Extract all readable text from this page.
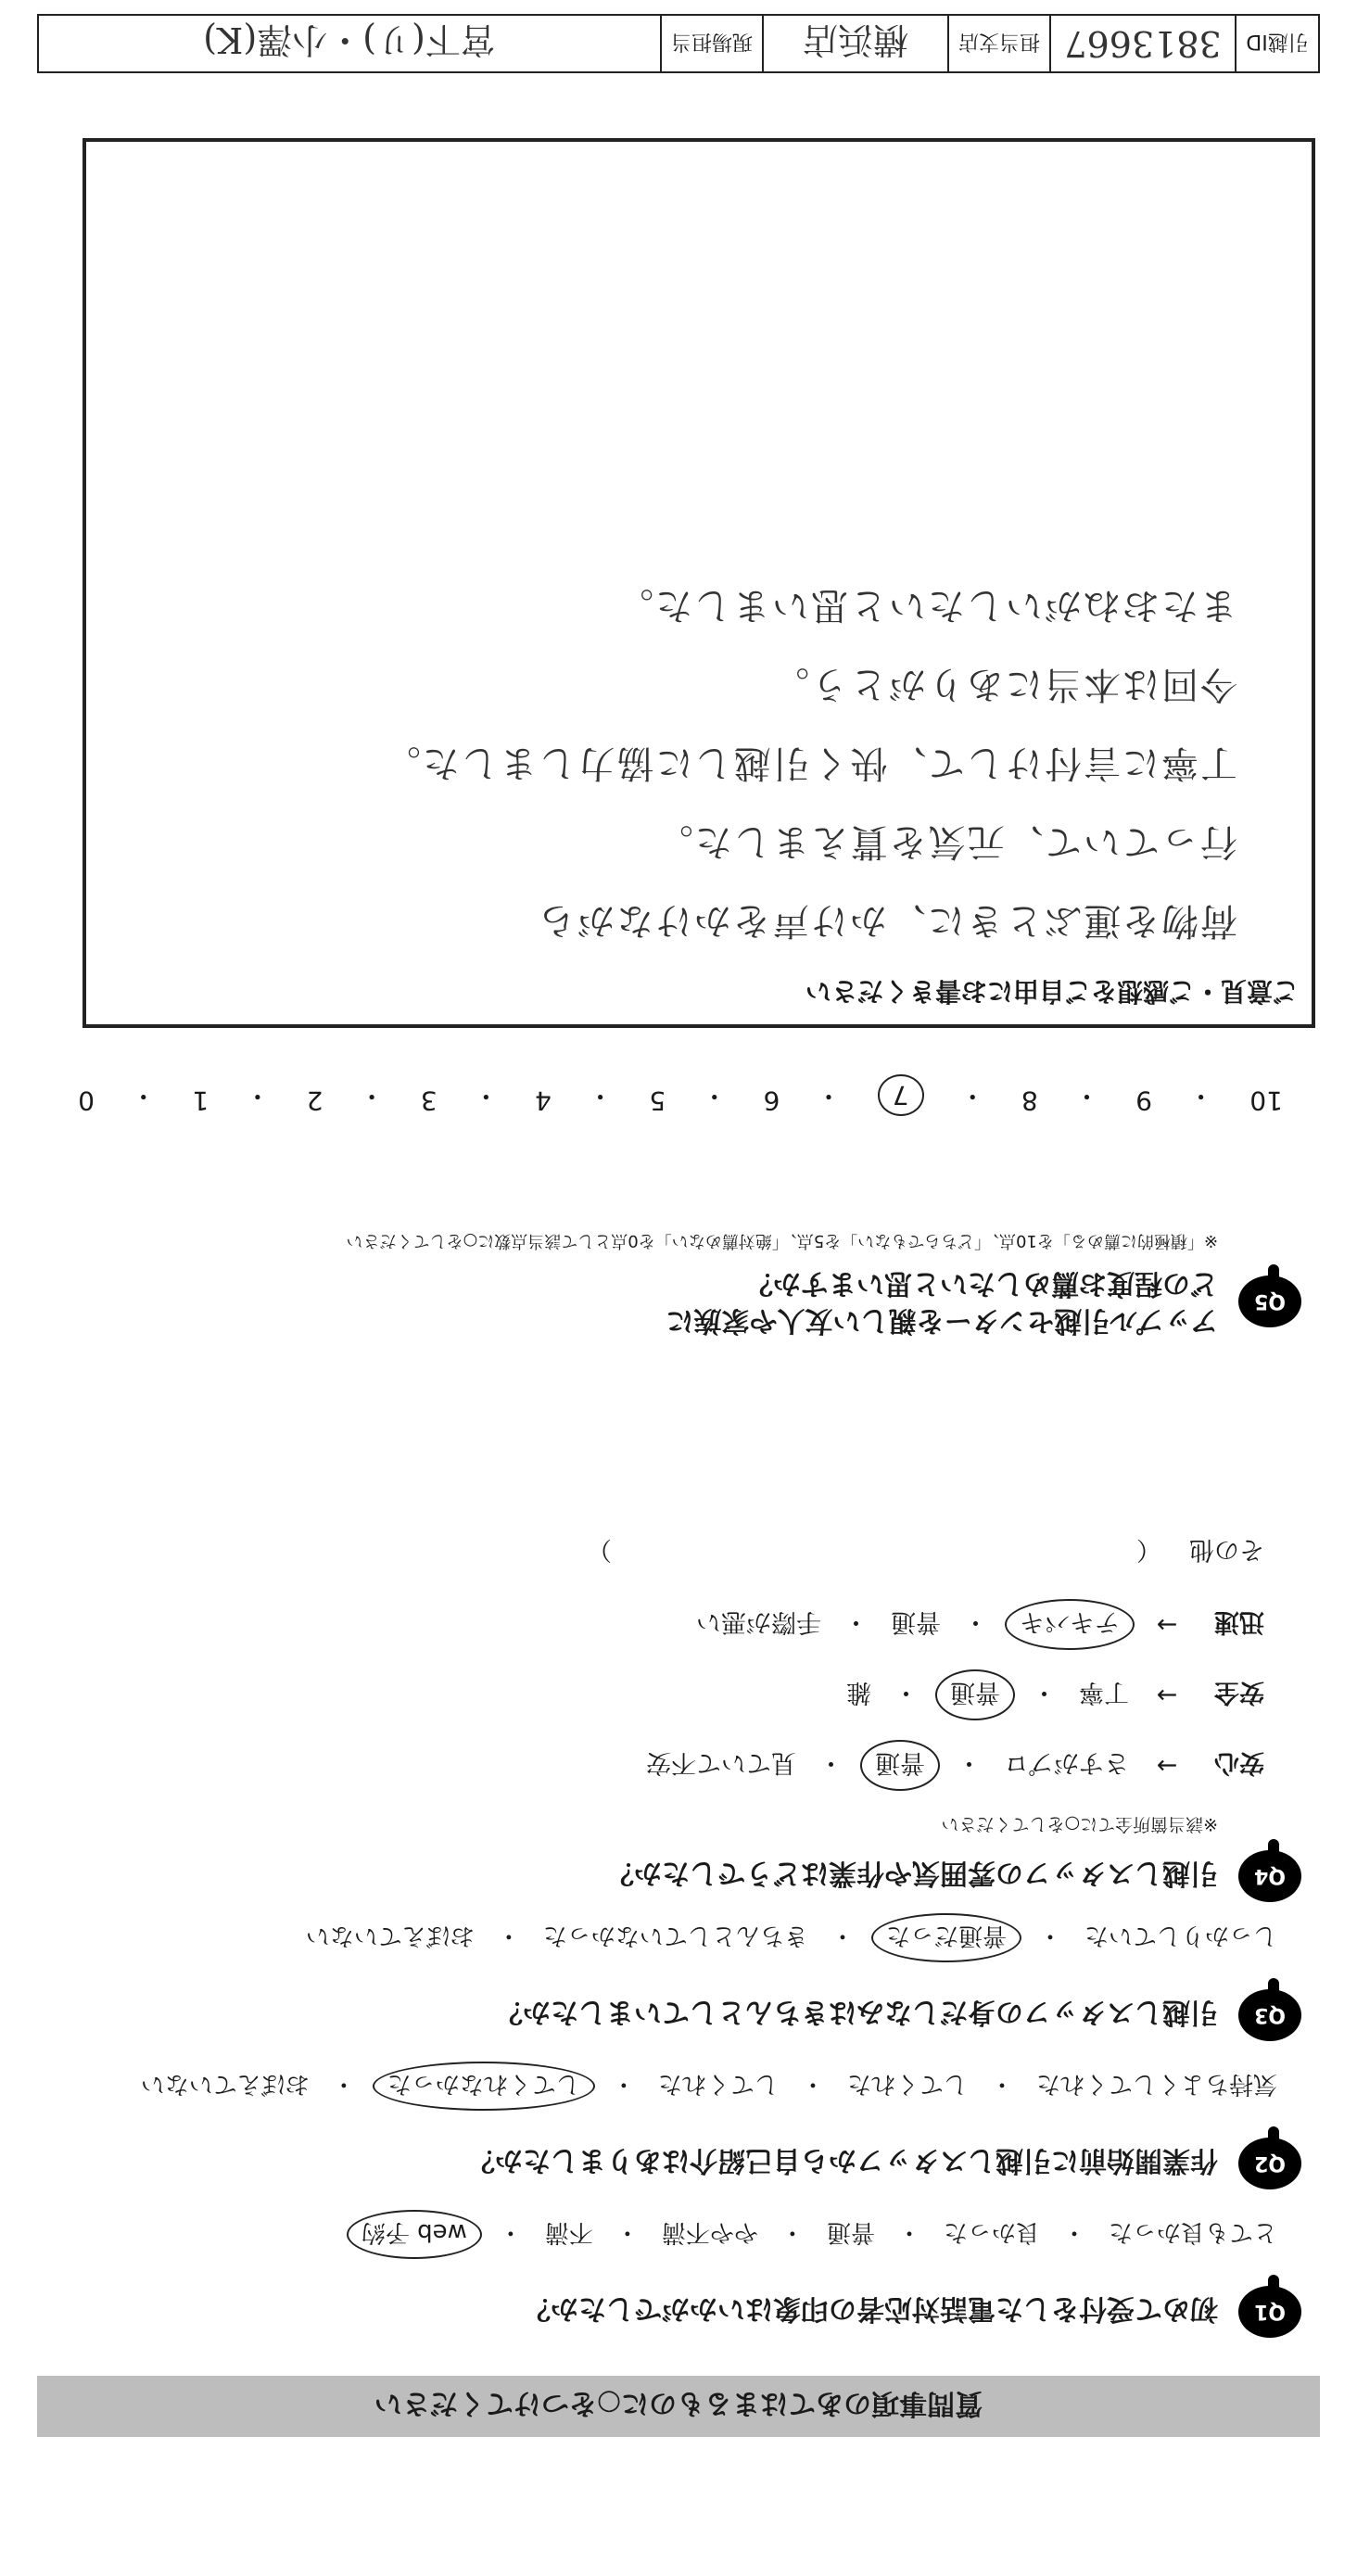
質問事項のあてはまるものに○をつけてください
Q1
初めて受付をした電話対応者の印象はいかがでしたか？
とても良かった
・
良かった
・
普通
・
やや不満
・
不満
・
web 予約
Q2
作業開始前に引越しスタッフから自己紹介はありましたか？
気持ちよくしてくれた
・
してくれた
・
してくれた
・
してくれなかった
・
おぼえていない
Q3
引越しスタッフの身だしなみはきちんとしていましたか？
しっかりしていた
・
普通だった
・
きちんとしていなかった
・
おぼえていない
Q4
引越しスタッフの雰囲気や作業はどうでしたか？
※該当箇所全てに○をしてください
安心
→
さすがプロ
・
普通
・
見ていて不安
安全
→
丁寧
・
普通
・
雑
迅速
→
テキパキ
・
普通
・
手際が悪い
その他
（
）
Q5
アップル引越センターを親しい友人や家族に
どの程度お薦めしたいと思いますか？
※「積極的に薦める」を10点、「どちらでもない」を5点、「絶対薦めない」を0点として該当点数に○をしてください
10
・
9
・
8
・
7
・
6
・
5
・
4
・
3
・
2
・
1
・
0
ご意見・ご感想をご自由にお書きください
荷物を運ぶときに、かけ声をかけながら
行っていて、元気を貰えました。
丁寧に言付けして、快く引越しに協力しました。
今回は本当にありがとう。
またおねがいしたいと思いました。
引越ID
3813667
担当支店
横浜店
現場担当
宮下(リ)・小澤(K)
